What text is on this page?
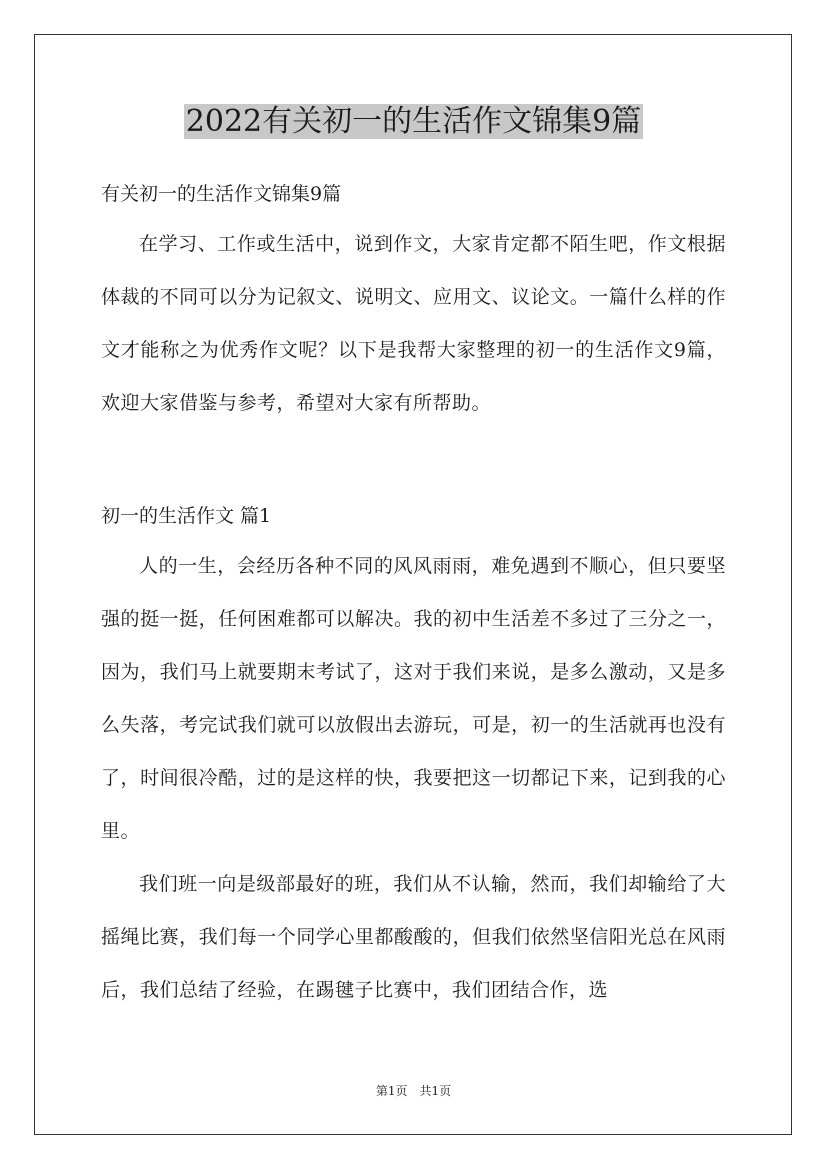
2022有关初一的生活作文锦集9篇

有关初一的生活作文锦集9篇

在学习、工作或生活中，说到作文，大家肯定都不陌生吧，作文根据体裁的不同可以分为记叙文、说明文、应用文、议论文。一篇什么样的作文才能称之为优秀作文呢？以下是我帮大家整理的初一的生活作文9篇，欢迎大家借鉴与参考，希望对大家有所帮助。

初一的生活作文 篇1

人的一生，会经历各种不同的风风雨雨，难免遇到不顺心，但只要坚强的挺一挺，任何困难都可以解决。我的初中生活差不多过了三分之一，因为，我们马上就要期末考试了，这对于我们来说，是多么激动，又是多么失落，考完试我们就可以放假出去游玩，可是，初一的生活就再也没有了，时间很冷酷，过的是这样的快，我要把这一切都记下来，记到我的心里。

我们班一向是级部最好的班，我们从不认输，然而，我们却输给了大摇绳比赛，我们每一个同学心里都酸酸的，但我们依然坚信阳光总在风雨后，我们总结了经验，在踢毽子比赛中，我们团结合作，选

第1页　共1页
